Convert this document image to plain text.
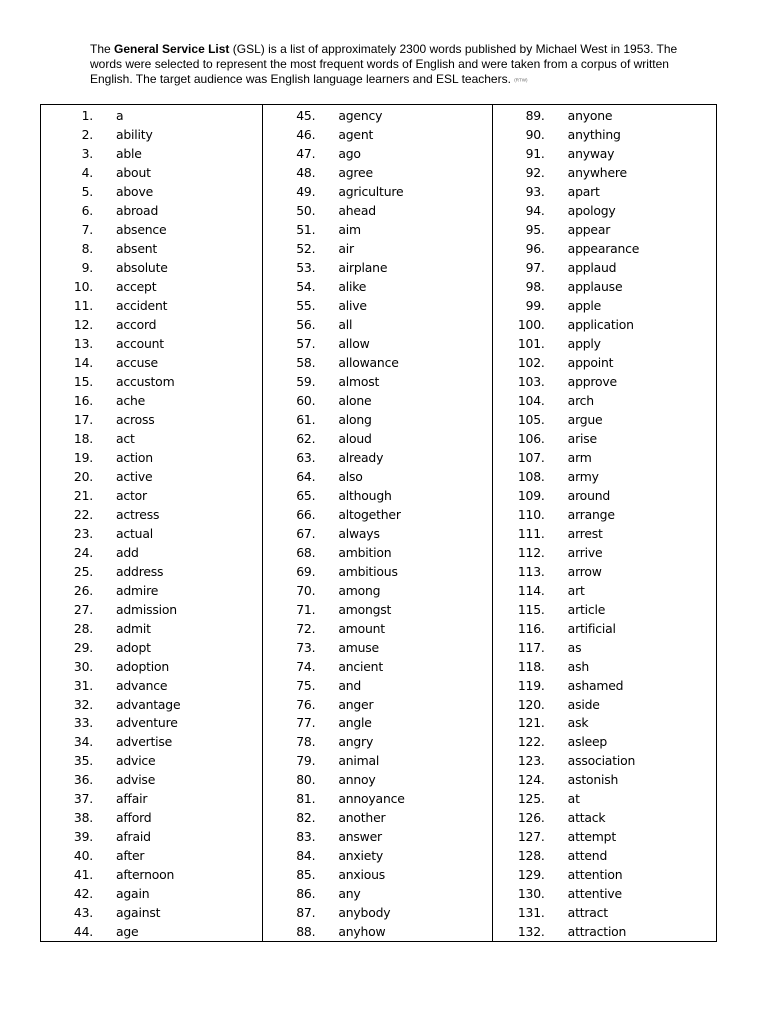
The General Service List (GSL) is a list of approximately 2300 words published by Michael West in 1953. The words were selected to represent the most frequent words of English and were taken from a corpus of written English. The target audience was English language learners and ESL teachers. (RTW)
1.	a
2.	ability
3.	able
4.	about
5.	above
6.	abroad
7.	absence
8.	absent
9.	absolute
10.	accept
11.	accident
12.	accord
13.	account
14.	accuse
15.	accustom
16.	ache
17.	across
18.	act
19.	action
20.	active
21.	actor
22.	actress
23.	actual
24.	add
25.	address
26.	admire
27.	admission
28.	admit
29.	adopt
30.	adoption
31.	advance
32.	advantage
33.	adventure
34.	advertise
35.	advice
36.	advise
37.	affair
38.	afford
39.	afraid
40.	after
41.	afternoon
42.	again
43.	against
44.	age
45.	agency
46.	agent
47.	ago
48.	agree
49.	agriculture
50.	ahead
51.	aim
52.	air
53.	airplane
54.	alike
55.	alive
56.	all
57.	allow
58.	allowance
59.	almost
60.	alone
61.	along
62.	aloud
63.	already
64.	also
65.	although
66.	altogether
67.	always
68.	ambition
69.	ambitious
70.	among
71.	amongst
72.	amount
73.	amuse
74.	ancient
75.	and
76.	anger
77.	angle
78.	angry
79.	animal
80.	annoy
81.	annoyance
82.	another
83.	answer
84.	anxiety
85.	anxious
86.	any
87.	anybody
88.	anyhow
89.	anyone
90.	anything
91.	anyway
92.	anywhere
93.	apart
94.	apology
95.	appear
96.	appearance
97.	applaud
98.	applause
99.	apple
100.	application
101.	apply
102.	appoint
103.	approve
104.	arch
105.	argue
106.	arise
107.	arm
108.	army
109.	around
110.	arrange
111.	arrest
112.	arrive
113.	arrow
114.	art
115.	article
116.	artificial
117.	as
118.	ash
119.	ashamed
120.	aside
121.	ask
122.	asleep
123.	association
124.	astonish
125.	at
126.	attack
127.	attempt
128.	attend
129.	attention
130.	attentive
131.	attract
132.	attraction
